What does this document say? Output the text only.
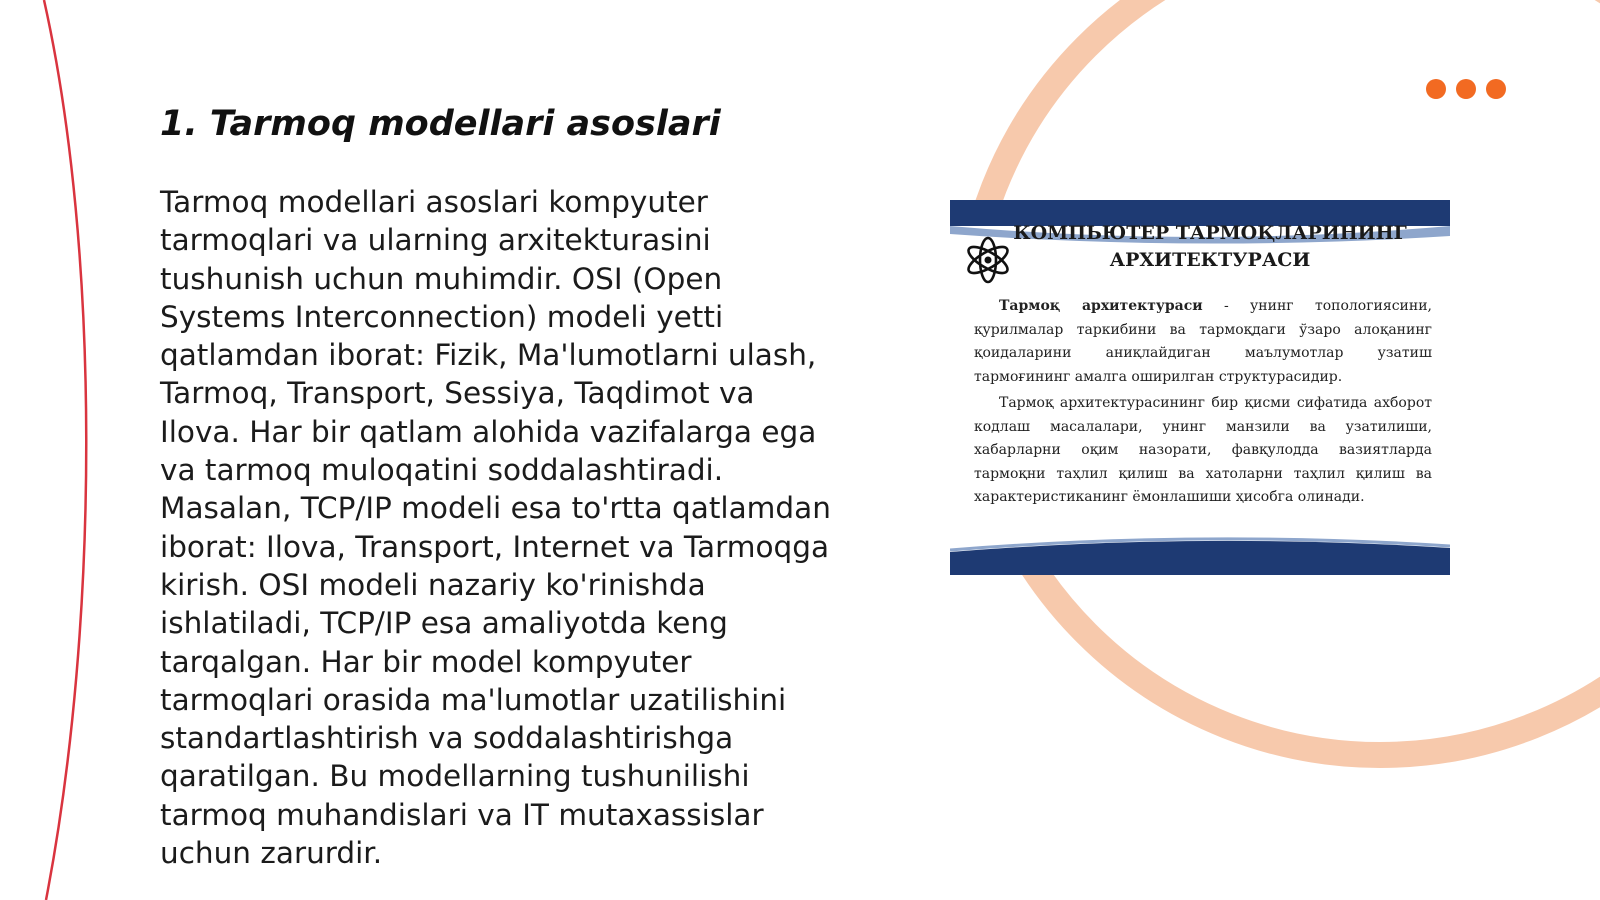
1. Tarmoq modellari asoslari

Tarmoq modellari asoslari kompyuter tarmoqlari va ularning arxitekturasini tushunish uchun muhimdir. OSI (Open Systems Interconnection) modeli yetti qatlamdan iborat: Fizik, Ma'lumotlarni ulash, Tarmoq, Transport, Sessiya, Taqdimot va Ilova. Har bir qatlam alohida vazifalarga ega va tarmoq muloqatini soddalashtiradi. Masalan, TCP/IP modeli esa to'rtta qatlamdan iborat: Ilova, Transport, Internet va Tarmoqga kirish. OSI modeli nazariy ko'rinishda ishlatiladi, TCP/IP esa amaliyotda keng tarqalgan. Har bir model kompyuter tarmoqlari orasida ma'lumotlar uzatilishini standartlashtirish va soddalashtirishga qaratilgan. Bu modellarning tushunilishi tarmoq muhandislari va IT mutaxassislar uchun zarurdir.

КОМПЬЮТЕР ТАРМОҚЛАРИНИНГ
АРХИТЕКТУРАСИ

Тармоқ архитектураси - унинг топологиясини, қурилмалар таркибини ва тармоқдаги ўзаро алоқанинг қоидаларини аниқлайдиган маълумотлар узатиш тармоғининг амалга оширилган структурасидир.

Тармоқ архитектурасининг бир қисми сифатида ахборот кодлаш масалалари, унинг манзили ва узатилиши, хабарларни оқим назорати, фавқулодда вазиятларда тармоқни таҳлил қилиш ва хатоларни таҳлил қилиш ва характеристиканинг ёмонлашиши ҳисобга олинади.
